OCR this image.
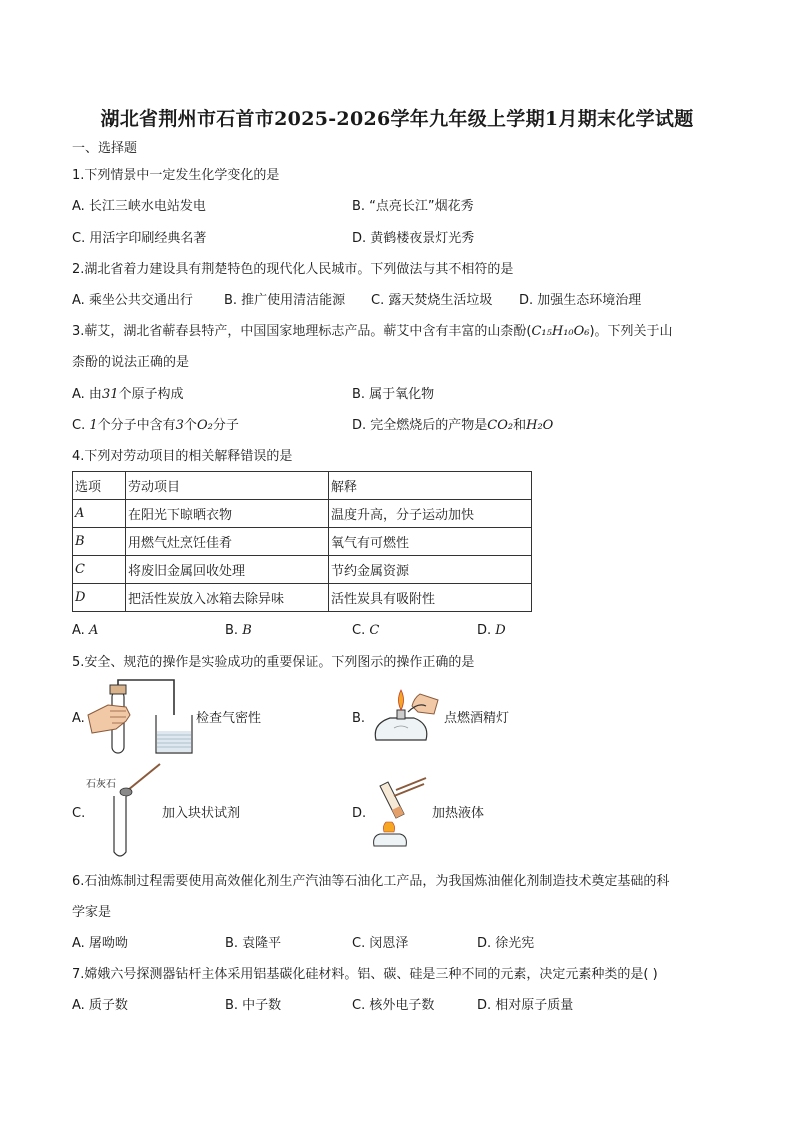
湖北省荆州市石首市2025-2026学年九年级上学期1月期末化学试题
一、选择题
1.下列情景中一定发生化学变化的是
A. 长江三峡水电站发电	B. “点亮长江”烟花秀
C. 用活字印刷经典名著	D. 黄鹤楼夜景灯光秀
2.湖北省着力建设具有荆楚特色的现代化人民城市。下列做法与其不相符的是
A. 乘坐公共交通出行 B. 推广使用清洁能源 C. 露天焚烧生活垃圾 D. 加强生态环境治理
3.蕲艾，湖北省蕲春县特产，中国国家地理标志产品。蕲艾中含有丰富的山柰酚(C₁₅H₁₀O₆)。下列关于山
柰酚的说法正确的是
A. 由31个原子构成	B. 属于氧化物
C. 1个分子中含有3个O₂分子	D. 完全燃烧后的产物是CO₂和H₂O
4.下列对劳动项目的相关解释错误的是
选项	劳动项目	解释
A	在阳光下晾晒衣物	温度升高，分子运动加快
B	用燃气灶烹饪佳肴	氧气有可燃性
C	将废旧金属回收处理	节约金属资源
D	把活性炭放入冰箱去除异味	活性炭具有吸附性
A. A	B. B	C. C	D. D
5.安全、规范的操作是实验成功的重要保证。下列图示的操作正确的是
A.	检查气密性	B.	点燃酒精灯
石灰石
C.	加入块状试剂	D.	加热液体
6.石油炼制过程需要使用高效催化剂生产汽油等石油化工产品，为我国炼油催化剂制造技术奠定基础的科
学家是
A. 屠呦呦	B. 袁隆平	C. 闵恩泽	D. 徐光宪
7.嫦娥六号探测器钻杆主体采用铝基碳化硅材料。铝、碳、硅是三种不同的元素，决定元素种类的是( )
A. 质子数	B. 中子数	C. 核外电子数	D. 相对原子质量
